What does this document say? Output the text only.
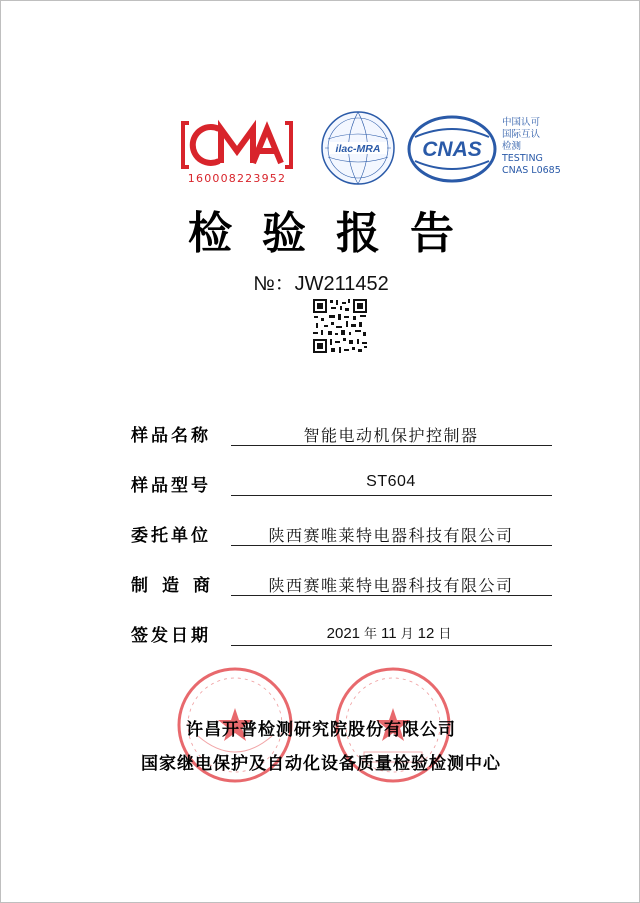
160008223952
ilac-MRA CNAS
中国认可
国际互认
检测
TESTING
CNAS L0685
检验报告
№：JW211452
样品名称	智能电动机保护控制器
样品型号	ST604
委托单位	陕西赛唯莱特电器科技有限公司
制造商	陕西赛唯莱特电器科技有限公司
签发日期	2021 年 11 月 12 日
许昌开普检测研究院股份有限公司
国家继电保护及自动化设备质量检验检测中心
